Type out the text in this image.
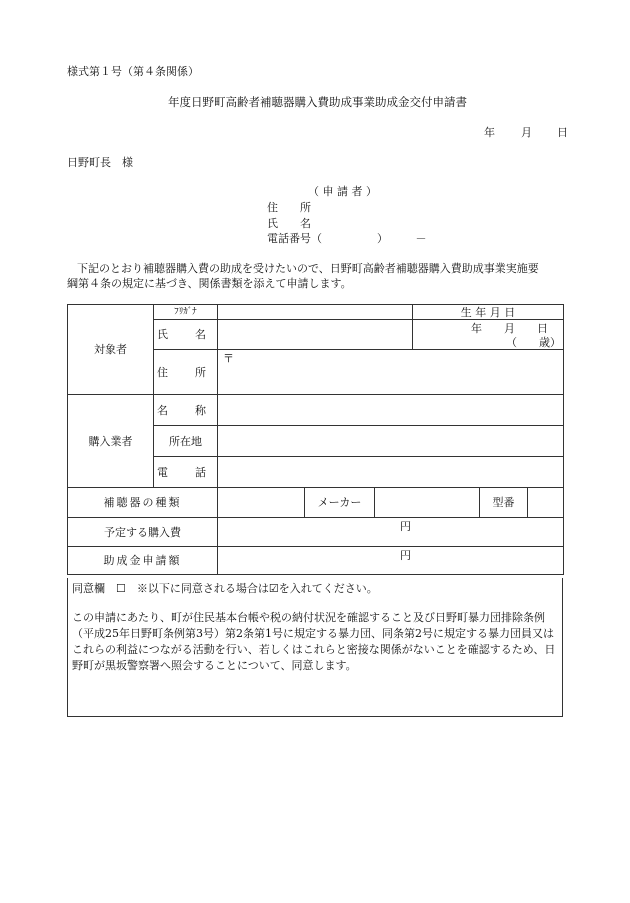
様式第１号（第４条関係）
年度日野町高齢者補聴器購入費助成事業助成金交付申請書
年 月 日
日野町長　様
（ 申 請 者 ）
住　　所
氏　　名
電話番号（　　　　　）　　　－
下記のとおり補聴器購入費の助成を受けたいので、日野町高齢者補聴器購入費助成事業実施要
綱第４条の規定に基づき、関係書類を添えて申請します。
対象者	ﾌﾘｶﾞﾅ				生 年 月 日		
	氏　名				年　　月　　日
（　　歳）		

	住　所	〒					

購入業者	名　称						
	所在地						
	電　話						
補聴器の種類			メーカー			型番	
予定する購入費		円					

助成金申請額		円					
同意欄　☐　※以下に同意される場合は☑を入れてください。
この申請にあたり、町が住民基本台帳や税の納付状況を確認すること及び日野町暴力団排除条例（平成25年日野町条例第3号）第2条第1号に規定する暴力団、同条第2号に規定する暴力団員又はこれらの利益につながる活動を行い、若しくはこれらと密接な関係がないことを確認するため、日野町が黒坂警察署へ照会することについて、同意します。
